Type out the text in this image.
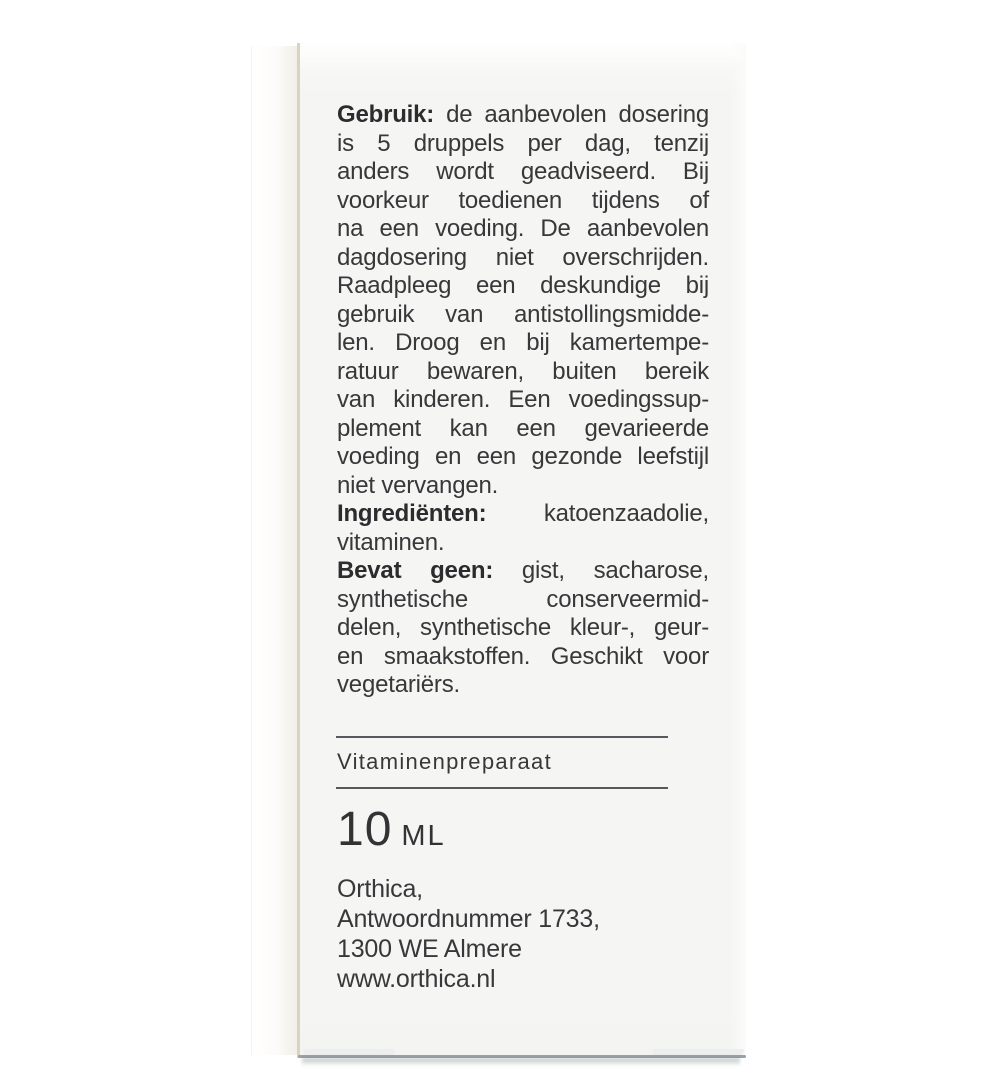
Gebruik: de aanbevolen dosering
is 5 druppels per dag, tenzij
anders wordt geadviseerd. Bij
voorkeur toedienen tijdens of
na een voeding. De aanbevolen
dagdosering niet overschrijden.
Raadpleeg een deskundige bij
gebruik van antistollingsmidde-
len. Droog en bij kamertempe-
ratuur bewaren, buiten bereik
van kinderen. Een voedingssup-
plement kan een gevarieerde
voeding en een gezonde leefstijl
niet vervangen.
Ingrediënten: katoenzaadolie,
vitaminen.
Bevat geen: gist, sacharose,
synthetische conserveermid-
delen, synthetische kleur-, geur-
en smaakstoffen. Geschikt voor
vegetariërs.
Vitaminenpreparaat
10 ML
Orthica,
Antwoordnummer 1733,
1300 WE Almere
www.orthica.nl
